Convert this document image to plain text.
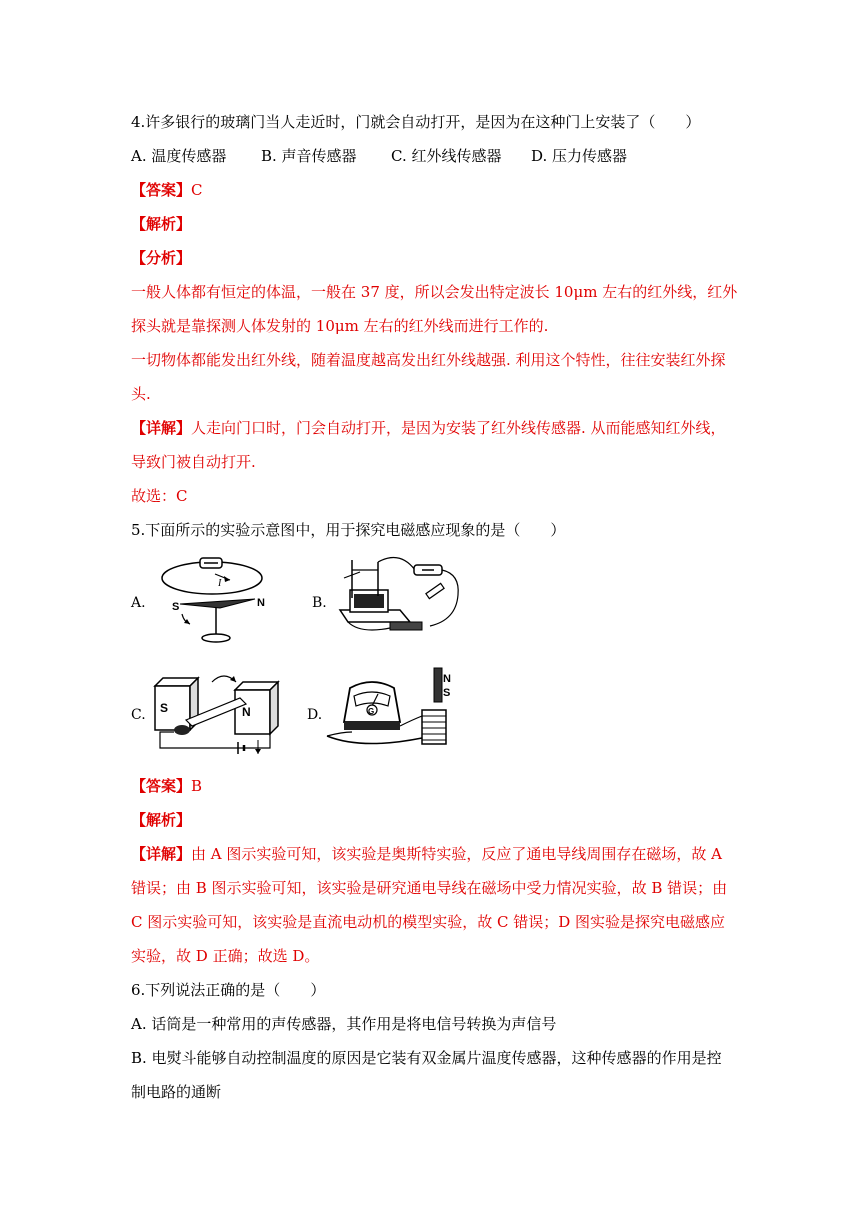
4.许多银行的玻璃门当人走近时，门就会自动打开，是因为在这种门上安装了（　　）
A. 温度传感器 B. 声音传感器 C. 红外线传感器 D. 压力传感器
【答案】C
【解析】
【分析】
一般人体都有恒定的体温，一般在 37 度，所以会发出特定波长 10μm 左右的红外线，红外
探头就是靠探测人体发射的 10μm 左右的红外线而进行工作的.
一切物体都能发出红外线，随着温度越高发出红外线越强. 利用这个特性，往往安装红外探
头.
【详解】人走向门口时，门会自动打开，是因为安装了红外线传感器. 从而能感知红外线，
导致门被自动打开.
故选：C
5.下面所示的实验示意图中，用于探究电磁感应现象的是（　　）
A. S	N
I
B.
C. S	N	D.
N
S
G
【答案】B
【解析】
【详解】由 A 图示实验可知，该实验是奥斯特实验，反应了通电导线周围存在磁场，故 A
错误；由 B 图示实验可知，该实验是研究通电导线在磁场中受力情况实验，故 B 错误；由
C 图示实验可知，该实验是直流电动机的模型实验，故 C 错误；D 图实验是探究电磁感应
实验，故 D 正确；故选 D。
6.下列说法正确的是（　　）
A. 话筒是一种常用的声传感器，其作用是将电信号转换为声信号
B. 电熨斗能够自动控制温度的原因是它装有双金属片温度传感器，这种传感器的作用是控
制电路的通断
